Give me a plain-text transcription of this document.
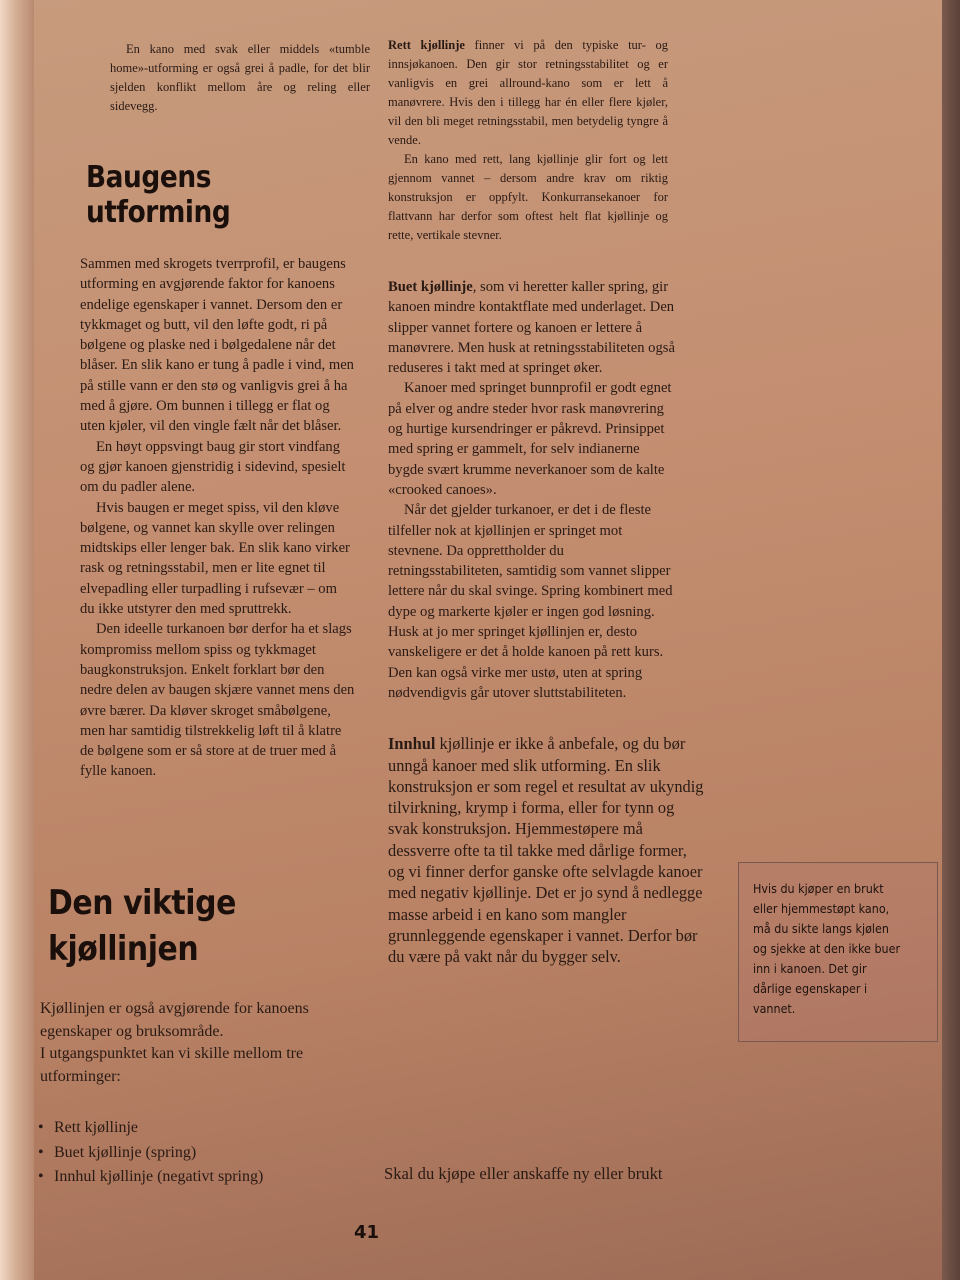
En kano med svak eller middels «tumble home»-utforming er også grei å padle, for det blir sjelden konflikt mellom åre og reling eller sidevegg.

Baugens utforming

Sammen med skrogets tverrprofil, er baugens utforming en avgjørende faktor for kanoens endelige egenskaper i vannet. Dersom den er tykkmaget og butt, vil den løfte godt, ri på bølgene og plaske ned i bølgedalene når det blåser. En slik kano er tung å padle i vind, men på stille vann er den stø og vanligvis grei å ha med å gjøre. Om bunnen i tillegg er flat og uten kjøler, vil den vingle fælt når det blåser.

En høyt oppsvingt baug gir stort vindfang og gjør kanoen gjenstridig i sidevind, spesielt om du padler alene.

Hvis baugen er meget spiss, vil den kløve bølgene, og vannet kan skylle over relingen midtskips eller lenger bak. En slik kano virker rask og retningsstabil, men er lite egnet til elvepadling eller turpadling i rufsevær – om du ikke utstyrer den med spruttrekk.

Den ideelle turkanoen bør derfor ha et slags kompromiss mellom spiss og tykkmaget baugkonstruksjon. Enkelt forklart bør den nedre delen av baugen skjære vannet mens den øvre bærer. Da kløver skroget småbølgene, men har samtidig tilstrekkelig løft til å klatre de bølgene som er så store at de truer med å fylle kanoen.

Den viktige
kjøllinjen

Kjøllinjen er også avgjørende for kanoens egenskaper og bruksområde.

I utgangspunktet kan vi skille mellom tre utforminger:

• Rett kjøllinje
• Buet kjøllinje (spring)
• Innhul kjøllinje (negativt spring)

Rett kjøllinje finner vi på den typiske tur- og innsjøkanoen. Den gir stor retningsstabilitet og er vanligvis en grei allround-kano som er lett å manøvrere. Hvis den i tillegg har én eller flere kjøler, vil den bli meget retningsstabil, men betydelig tyngre å vende.

En kano med rett, lang kjøllinje glir fort og lett gjennom vannet – dersom andre krav om riktig konstruksjon er oppfylt. Konkurransekanoer for flattvann har derfor som oftest helt flat kjøllinje og rette, vertikale stevner.

Buet kjøllinje, som vi heretter kaller spring, gir kanoen mindre kontaktflate med underlaget. Den slipper vannet fortere og kanoen er lettere å manøvrere. Men husk at retningsstabiliteten også reduseres i takt med at springet øker.

Kanoer med springet bunnprofil er godt egnet på elver og andre steder hvor rask manøvrering og hurtige kursendringer er påkrevd. Prinsippet med spring er gammelt, for selv indianerne bygde svært krumme neverkanoer som de kalte «crooked canoes».

Når det gjelder turkanoer, er det i de fleste tilfeller nok at kjøllinjen er springet mot stevnene. Da opprettholder du retningsstabiliteten, samtidig som vannet slipper lettere når du skal svinge. Spring kombinert med dype og markerte kjøler er ingen god løsning.

Husk at jo mer springet kjøllinjen er, desto vanskeligere er det å holde kanoen på rett kurs. Den kan også virke mer ustø, uten at spring nødvendigvis går utover sluttstabiliteten.

Innhul kjøllinje er ikke å anbefale, og du bør unngå kanoer med slik utforming. En slik konstruksjon er som regel et resultat av ukyndig tilvirkning, krymp i forma, eller for tynn og svak konstruksjon. Hjemmestøpere må dessverre ofte ta til takke med dårlige former, og vi finner derfor ganske ofte selvlagde kanoer med negativ kjøllinje. Det er jo synd å nedlegge masse arbeid i en kano som mangler grunnleggende egenskaper i vannet. Derfor bør du være på vakt når du bygger selv.

Skal du kjøpe eller anskaffe ny eller brukt

Hvis du kjøper en brukt eller hjemmestøpt kano, må du sikte langs kjølen og sjekke at den ikke buer inn i kanoen. Det gir dårlige egenskaper i vannet.

41
